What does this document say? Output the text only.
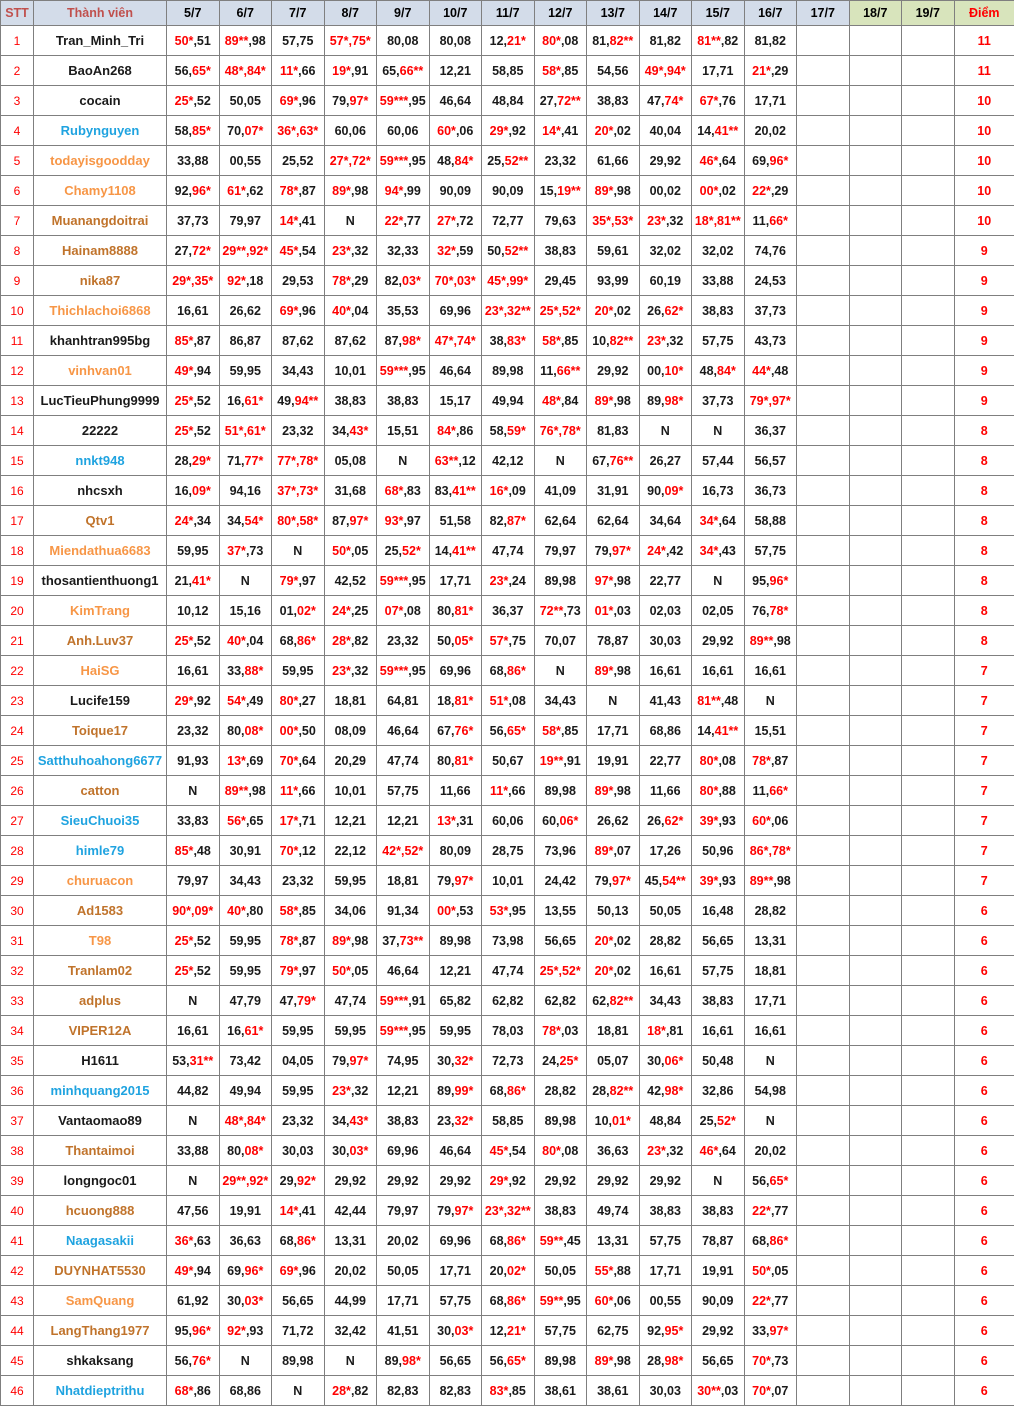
STT	Thành viên	5/7	6/7	7/7	8/7	9/7	10/7	11/7	12/7	13/7	14/7	15/7	16/7	17/7	18/7	19/7	Điểm
1	Tran_Minh_Tri	50*,51	89**,98	57,75	57*,75*	80,08	80,08	12,21*	80*,08	81,82**	81,82	81**,82	81,82				11
2	BaoAn268	56,65*	48*,84*	11*,66	19*,91	65,66**	12,21	58,85	58*,85	54,56	49*,94*	17,71	21*,29				11
3	cocain	25*,52	50,05	69*,96	79,97*	59***,95	46,64	48,84	27,72**	38,83	47,74*	67*,76	17,71				10
4	Rubynguyen	58,85*	70,07*	36*,63*	60,06	60,06	60*,06	29*,92	14*,41	20*,02	40,04	14,41**	20,02				10
5	todayisgoodday	33,88	00,55	25,52	27*,72*	59***,95	48,84*	25,52**	23,32	61,66	29,92	46*,64	69,96*				10
6	Chamy1108	92,96*	61*,62	78*,87	89*,98	94*,99	90,09	90,09	15,19**	89*,98	00,02	00*,02	22*,29				10
7	Muanangdoitrai	37,73	79,97	14*,41	N	22*,77	27*,72	72,77	79,63	35*,53*	23*,32	18*,81**	11,66*				10
8	Hainam8888	27,72*	29**,92*	45*,54	23*,32	32,33	32*,59	50,52**	38,83	59,61	32,02	32,02	74,76				9
9	nika87	29*,35*	92*,18	29,53	78*,29	82,03*	70*,03*	45*,99*	29,45	93,99	60,19	33,88	24,53				9
10	Thichlachoi6868	16,61	26,62	69*,96	40*,04	35,53	69,96	23*,32**	25*,52*	20*,02	26,62*	38,83	37,73				9
11	khanhtran995bg	85*,87	86,87	87,62	87,62	87,98*	47*,74*	38,83*	58*,85	10,82**	23*,32	57,75	43,73				9
12	vinhvan01	49*,94	59,95	34,43	10,01	59***,95	46,64	89,98	11,66**	29,92	00,10*	48,84*	44*,48				9
13	LucTieuPhung9999	25*,52	16,61*	49,94**	38,83	38,83	15,17	49,94	48*,84	89*,98	89,98*	37,73	79*,97*				9
14	22222	25*,52	51*,61*	23,32	34,43*	15,51	84*,86	58,59*	76*,78*	81,83	N	N	36,37				8
15	nnkt948	28,29*	71,77*	77*,78*	05,08	N	63**,12	42,12	N	67,76**	26,27	57,44	56,57				8
16	nhcsxh	16,09*	94,16	37*,73*	31,68	68*,83	83,41**	16*,09	41,09	31,91	90,09*	16,73	36,73				8
17	Qtv1	24*,34	34,54*	80*,58*	87,97*	93*,97	51,58	82,87*	62,64	62,64	34,64	34*,64	58,88				8
18	Miendathua6683	59,95	37*,73	N	50*,05	25,52*	14,41**	47,74	79,97	79,97*	24*,42	34*,43	57,75				8
19	thosantienthuong1	21,41*	N	79*,97	42,52	59***,95	17,71	23*,24	89,98	97*,98	22,77	N	95,96*				8
20	KimTrang	10,12	15,16	01,02*	24*,25	07*,08	80,81*	36,37	72**,73	01*,03	02,03	02,05	76,78*				8
21	Anh.Luv37	25*,52	40*,04	68,86*	28*,82	23,32	50,05*	57*,75	70,07	78,87	30,03	29,92	89**,98				8
22	HaiSG	16,61	33,88*	59,95	23*,32	59***,95	69,96	68,86*	N	89*,98	16,61	16,61	16,61				7
23	Lucife159	29*,92	54*,49	80*,27	18,81	64,81	18,81*	51*,08	34,43	N	41,43	81**,48	N				7
24	Toique17	23,32	80,08*	00*,50	08,09	46,64	67,76*	56,65*	58*,85	17,71	68,86	14,41**	15,51				7
25	Satthuhoahong6677	91,93	13*,69	70*,64	20,29	47,74	80,81*	50,67	19**,91	19,91	22,77	80*,08	78*,87				7
26	catton	N	89**,98	11*,66	10,01	57,75	11,66	11*,66	89,98	89*,98	11,66	80*,88	11,66*				7
27	SieuChuoi35	33,83	56*,65	17*,71	12,21	12,21	13*,31	60,06	60,06*	26,62	26,62*	39*,93	60*,06				7
28	himle79	85*,48	30,91	70*,12	22,12	42*,52*	80,09	28,75	73,96	89*,07	17,26	50,96	86*,78*				7
29	churuacon	79,97	34,43	23,32	59,95	18,81	79,97*	10,01	24,42	79,97*	45,54**	39*,93	89**,98				7
30	Ad1583	90*,09*	40*,80	58*,85	34,06	91,34	00*,53	53*,95	13,55	50,13	50,05	16,48	28,82				6
31	T98	25*,52	59,95	78*,87	89*,98	37,73**	89,98	73,98	56,65	20*,02	28,82	56,65	13,31				6
32	Tranlam02	25*,52	59,95	79*,97	50*,05	46,64	12,21	47,74	25*,52*	20*,02	16,61	57,75	18,81				6
33	adplus	N	47,79	47,79*	47,74	59***,91	65,82	62,82	62,82	62,82**	34,43	38,83	17,71				6
34	VIPER12A	16,61	16,61*	59,95	59,95	59***,95	59,95	78,03	78*,03	18,81	18*,81	16,61	16,61				6
35	H1611	53,31**	73,42	04,05	79,97*	74,95	30,32*	72,73	24,25*	05,07	30,06*	50,48	N				6
36	minhquang2015	44,82	49,94	59,95	23*,32	12,21	89,99*	68,86*	28,82	28,82**	42,98*	32,86	54,98				6
37	Vantaomao89	N	48*,84*	23,32	34,43*	38,83	23,32*	58,85	89,98	10,01*	48,84	25,52*	N				6
38	Thantaimoi	33,88	80,08*	30,03	30,03*	69,96	46,64	45*,54	80*,08	36,63	23*,32	46*,64	20,02				6
39	longngoc01	N	29**,92*	29,92*	29,92	29,92	29,92	29*,92	29,92	29,92	29,92	N	56,65*				6
40	hcuong888	47,56	19,91	14*,41	42,44	79,97	79,97*	23*,32**	38,83	49,74	38,83	38,83	22*,77				6
41	Naagasakii	36*,63	36,63	68,86*	13,31	20,02	69,96	68,86*	59**,45	13,31	57,75	78,87	68,86*				6
42	DUYNHAT5530	49*,94	69,96*	69*,96	20,02	50,05	17,71	20,02*	50,05	55*,88	17,71	19,91	50*,05				6
43	SamQuang	61,92	30,03*	56,65	44,99	17,71	57,75	68,86*	59**,95	60*,06	00,55	90,09	22*,77				6
44	LangThang1977	95,96*	92*,93	71,72	32,42	41,51	30,03*	12,21*	57,75	62,75	92,95*	29,92	33,97*				6
45	shkaksang	56,76*	N	89,98	N	89,98*	56,65	56,65*	89,98	89*,98	28,98*	56,65	70*,73				6
46	Nhatdieptrithu	68*,86	68,86	N	28*,82	82,83	82,83	83*,85	38,61	38,61	30,03	30**,03	70*,07				6
